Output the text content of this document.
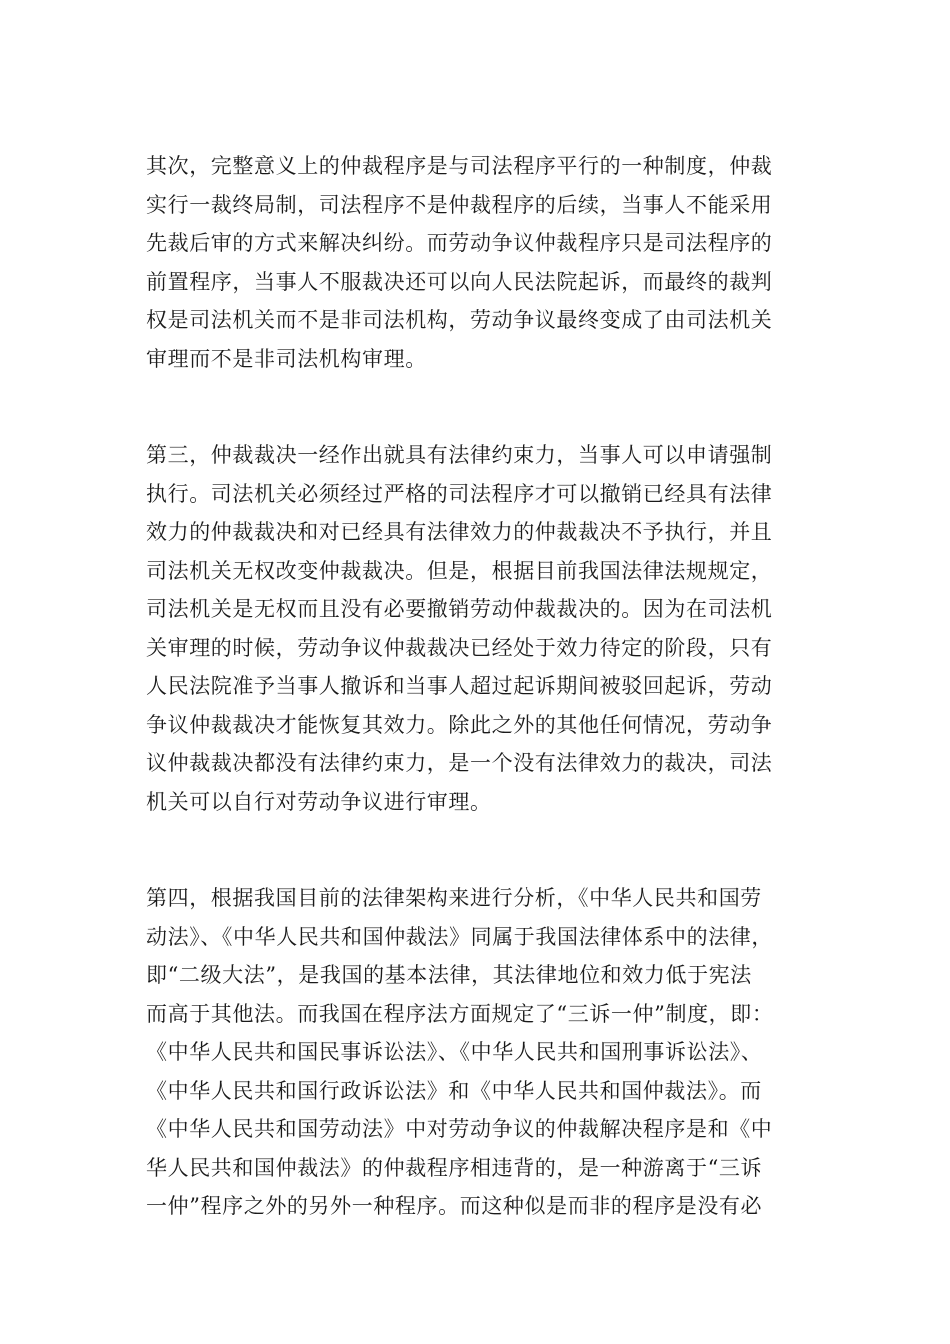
其次，完整意义上的仲裁程序是与司法程序平行的一种制度，仲裁
实行一裁终局制，司法程序不是仲裁程序的后续，当事人不能采用
先裁后审的方式来解决纠纷。而劳动争议仲裁程序只是司法程序的
前置程序，当事人不服裁决还可以向人民法院起诉，而最终的裁判
权是司法机关而不是非司法机构，劳动争议最终变成了由司法机关
审理而不是非司法机构审理。

第三，仲裁裁决一经作出就具有法律约束力，当事人可以申请强制
执行。司法机关必须经过严格的司法程序才可以撤销已经具有法律
效力的仲裁裁决和对已经具有法律效力的仲裁裁决不予执行，并且
司法机关无权改变仲裁裁决。但是，根据目前我国法律法规规定，
司法机关是无权而且没有必要撤销劳动仲裁裁决的。因为在司法机
关审理的时候，劳动争议仲裁裁决已经处于效力待定的阶段，只有
人民法院准予当事人撤诉和当事人超过起诉期间被驳回起诉，劳动
争议仲裁裁决才能恢复其效力。除此之外的其他任何情况，劳动争
议仲裁裁决都没有法律约束力，是一个没有法律效力的裁决，司法
机关可以自行对劳动争议进行审理。

第四，根据我国目前的法律架构来进行分析，《中华人民共和国劳
动法》、《中华人民共和国仲裁法》同属于我国法律体系中的法律，
即“二级大法”，是我国的基本法律，其法律地位和效力低于宪法
而高于其他法。而我国在程序法方面规定了“三诉一仲”制度，即：
《中华人民共和国民事诉讼法》、《中华人民共和国刑事诉讼法》、
《中华人民共和国行政诉讼法》和《中华人民共和国仲裁法》。而
《中华人民共和国劳动法》中对劳动争议的仲裁解决程序是和《中
华人民共和国仲裁法》的仲裁程序相违背的，是一种游离于“三诉
一仲”程序之外的另外一种程序。而这种似是而非的程序是没有必
